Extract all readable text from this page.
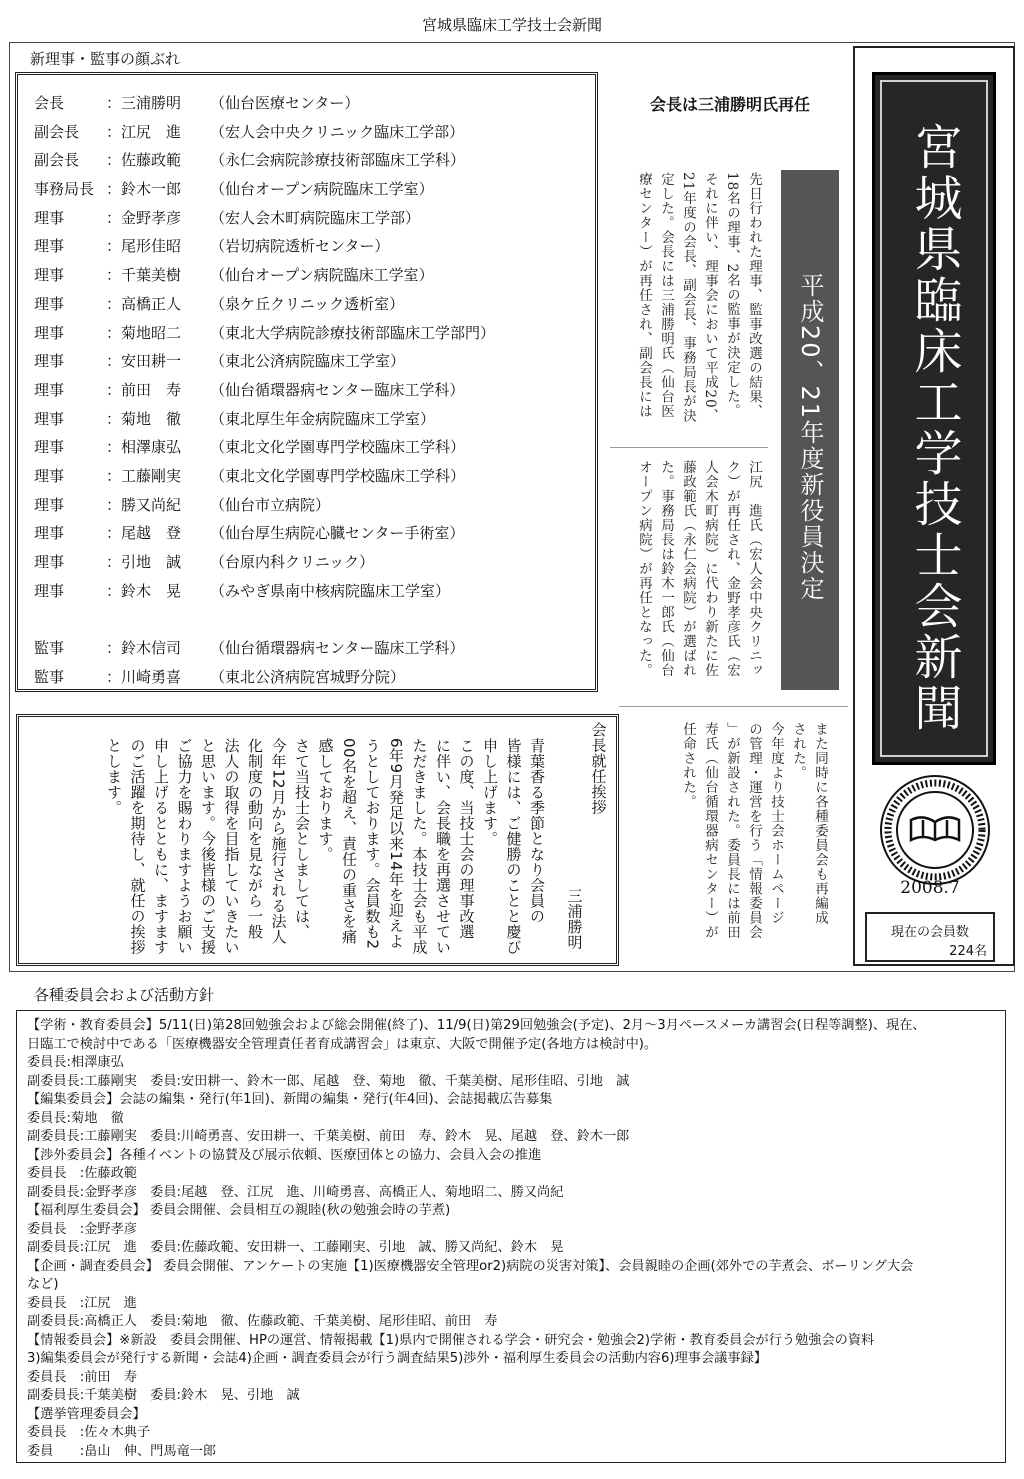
宮城県臨床工学技士会新聞
新理事・監事の顔ぶれ
会長	：三浦勝明	（仙台医療センター）
副会長	：江尻　進	（宏人会中央クリニック臨床工学部）
副会長	：佐藤政範	（永仁会病院診療技術部臨床工学科）
事務局長 ：鈴木一郎	（仙台オープン病院臨床工学室）
理事	：金野孝彦	（宏人会木町病院臨床工学部）
理事	：尾形佳昭	（岩切病院透析センター）
理事	：千葉美樹	（仙台オープン病院臨床工学室）
理事	：高橋正人	（泉ケ丘クリニック透析室）
理事	：菊地昭二	（東北大学病院診療技術部臨床工学部門）
理事	：安田耕一	（東北公済病院臨床工学室）
理事	：前田　寿	（仙台循環器病センター臨床工学科）
理事	：菊地　徹	（東北厚生年金病院臨床工学室）
理事	：相澤康弘	（東北文化学園専門学校臨床工学科）
理事	：工藤剛実	（東北文化学園専門学校臨床工学科）
理事	：勝又尚紀	（仙台市立病院）
理事	：尾越　登	（仙台厚生病院心臓センター手術室）
理事	：引地　誠	（台原内科クリニック）
理事	：鈴木　晃	（みやぎ県南中核病院臨床工学室）
監事	：鈴木信司	（仙台循環器病センター臨床工学科）
監事	：川崎勇喜	（東北公済病院宮城野分院）
会長は三浦勝明氏再任
平成20、21年度新役員決定
先日行われた理事、監事改選の結果、
18名の理事、2名の監事が決定した。
それに伴い、理事会において平成20、
21年度の会長、副会長、事務局長が決
定した。会長には三浦勝明氏（仙台医
療センター）が再任され、副会長には
江尻　進氏（宏人会中央クリニッ
ク）が再任され、金野孝彦氏（宏
人会木町病院）に代わり新たに佐
藤政範氏（永仁会病院）が選ばれ
た。事務局長は鈴木一郎氏（仙台
オープン病院）が再任となった。
また同時に各種委員会も再編成
された。
今年度より技士会ホームページ
の管理・運営を行う「情報委員会
」が新設された。委員長には前田
寿氏（仙台循環器病センター）が
任命された。
宮城県臨床工学技士会新聞
2008.7
現在の会員数
224名
会長就任挨拶
三浦勝明
青葉香る季節となり会員の
皆様には、ご健勝のことと慶び
申し上げます。
この度、当技士会の理事改選
に伴い、会長職を再選させてい
ただきました。本技士会も平成
6年9月発足以来14年を迎えよ
うとしております。会員数も2
00名を超え、責任の重さを痛
感しております。
さて当技士会としましては、
今年12月から施行される法人
化制度の動向を見ながら一般
法人の取得を目指していきたい
と思います。今後皆様のご支援
ご協力を賜わりますようお願い
申し上げるとともに、ますます
のご活躍を期待し、就任の挨拶
とします。
各種委員会および活動方針
【学術・教育委員会】5/11(日)第28回勉強会および総会開催(終了)、11/9(日)第29回勉強会(予定)、2月～3月ペースメーカ講習会(日程等調整)、現在、
日臨工で検討中である「医療機器安全管理責任者育成講習会」は東京、大阪で開催予定(各地方は検討中)。
委員長:相澤康弘
副委員長:工藤剛実　委員:安田耕一、鈴木一郎、尾越　登、菊地　徹、千葉美樹、尾形佳昭、引地　誠
【編集委員会】会誌の編集・発行(年1回)、新聞の編集・発行(年4回)、会誌掲載広告募集
委員長:菊地　徹
副委員長:工藤剛実　委員:川崎勇喜、安田耕一、千葉美樹、前田　寿、鈴木　晃、尾越　登、鈴木一郎
【渉外委員会】各種イベントの協賛及び展示依頼、医療団体との協力、会員入会の推進
委員長　:佐藤政範
副委員長:金野孝彦　委員:尾越　登、江尻　進、川崎勇喜、高橋正人、菊地昭二、勝又尚紀
【福利厚生委員会】 委員会開催、会員相互の親睦(秋の勉強会時の芋煮)
委員長　:金野孝彦
副委員長:江尻　進　委員:佐藤政範、安田耕一、工藤剛実、引地　誠、勝又尚紀、鈴木　晃
【企画・調査委員会】 委員会開催、アンケートの実施【1)医療機器安全管理or2)病院の災害対策】、会員親睦の企画(郊外での芋煮会、ボーリング大会
など)
委員長　:江尻　進
副委員長:高橋正人　委員:菊地　徹、佐藤政範、千葉美樹、尾形佳昭、前田　寿
【情報委員会】※新設　委員会開催、HPの運営、情報掲載【1)県内で開催される学会・研究会・勉強会2)学術・教育委員会が行う勉強会の資料
3)編集委員会が発行する新聞・会誌4)企画・調査委員会が行う調査結果5)渉外・福利厚生委員会の活動内容6)理事会議事録】
委員長　:前田　寿
副委員長:千葉美樹　委員:鈴木　晃、引地　誠
【選挙管理委員会】
委員長　:佐々木典子
委員　　:畠山　伸、門馬竜一郎
